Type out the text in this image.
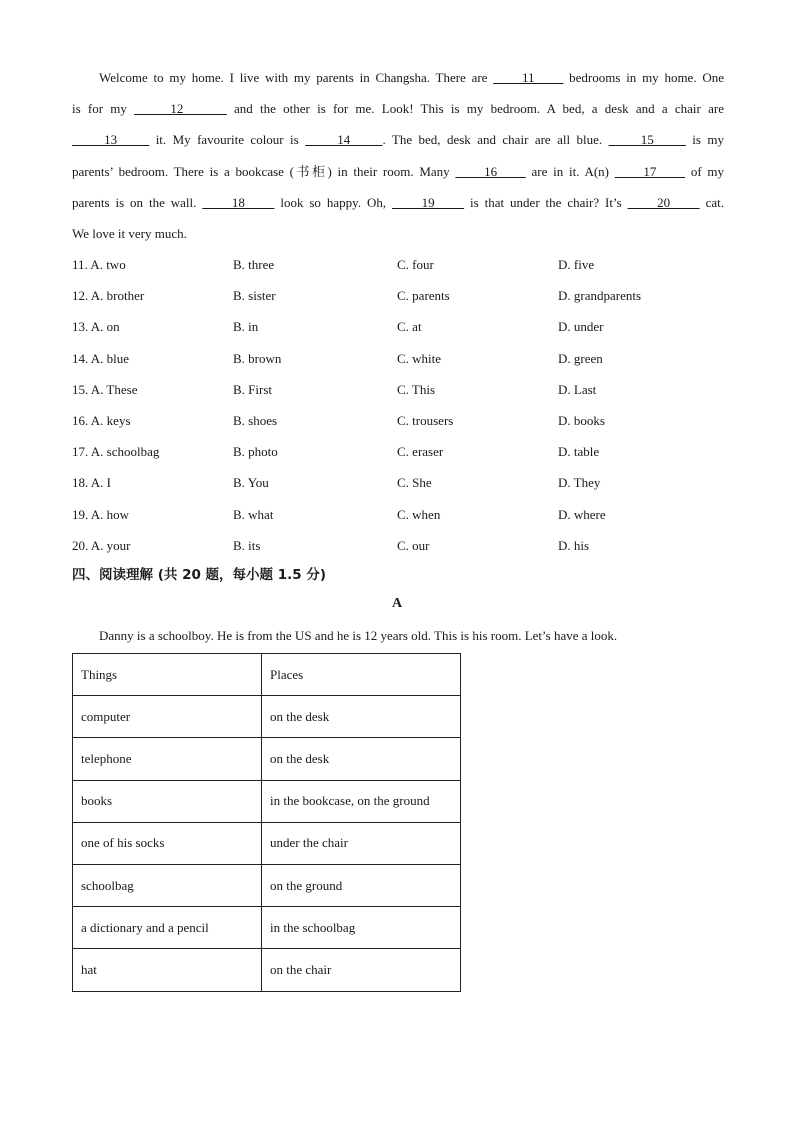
Welcome to my home. I live with my parents in Changsha. There are      11      bedrooms in my home. One
is for my      12       and the other is for me. Look! This is my bedroom. A bed, a desk and a chair are
13      it. My favourite colour is      14     . The bed, desk and chair are all blue.      15      is my
parents’ bedroom. There is a bookcase (书柜) in their room. Many      16      are in it. A(n)      17      of my
parents is on the wall.      18      look so happy. Oh,      19      is that under the chair? It’s      20      cat.
We love it very much.
11. A. two	B. three	C. four	D. five
12. A. brother	B. sister	C. parents	D. grandparents
13. A. on	B. in	C. at	D. under
14. A. blue	B. brown	C. white	D. green
15. A. These	B. First	C. This	D. Last
16. A. keys	B. shoes	C. trousers	D. books
17. A. schoolbag	B. photo	C. eraser	D. table
18. A. I	B. You	C. She	D. They
19. A. how	B. what	C. when	D. where
20. A. your	B. its	C. our	D. his
四、阅读理解 (共 20 题，每小题 1.5 分)
A
Danny is a schoolboy. He is from the US and he is 12 years old. This is his room. Let’s have a look.
Things	Places
computer	on the desk
telephone	on the desk
books	in the bookcase, on the ground
one of his socks	under the chair
schoolbag	on the ground
a dictionary and a pencil	in the schoolbag
hat	on the chair
